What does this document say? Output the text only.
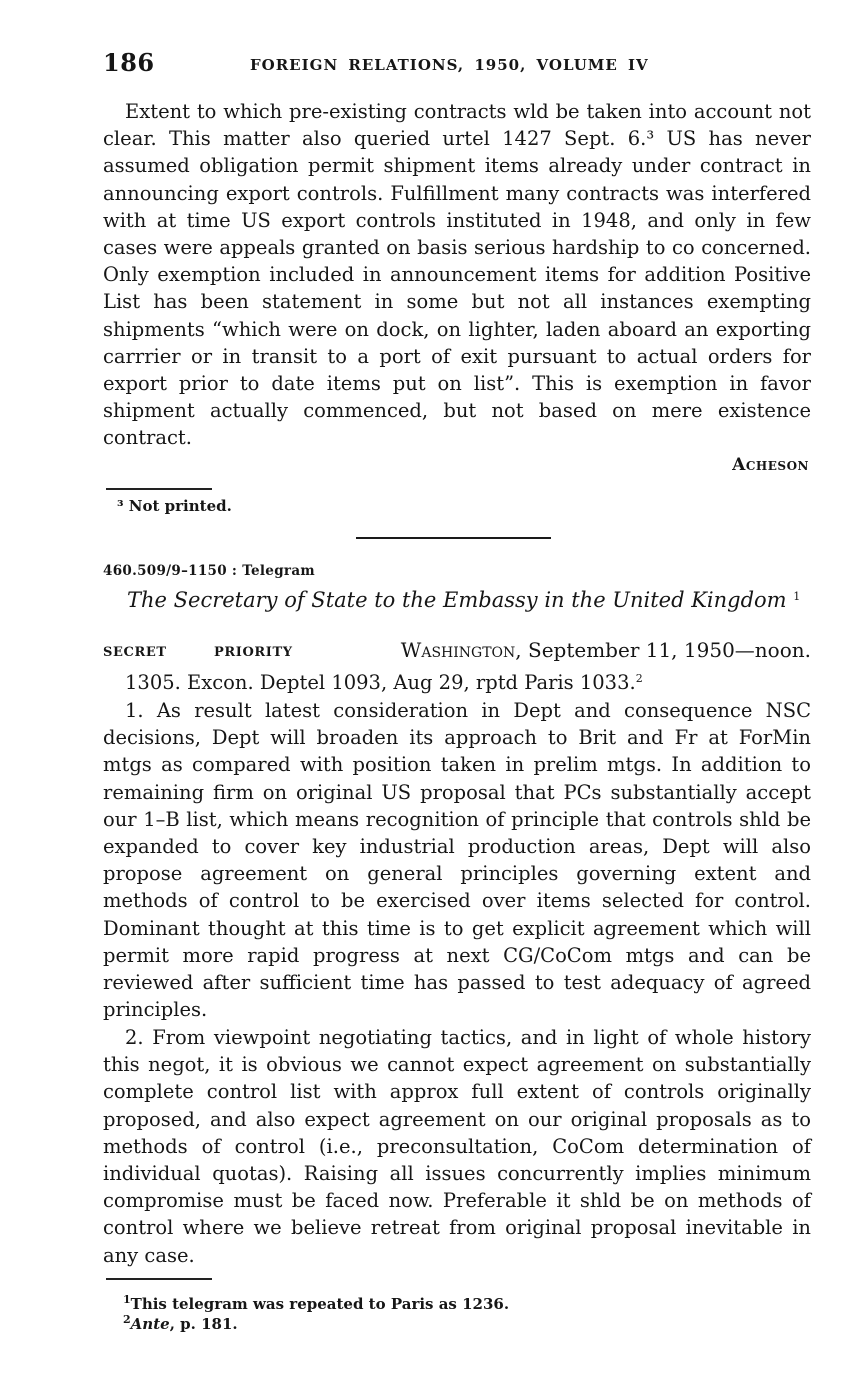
186	FOREIGN RELATIONS, 1950, VOLUME IV
Extent to which pre-existing contracts wld be taken into account not clear. This matter also queried urtel 1427 Sept. 6.³ US has never assumed obligation permit shipment items already under contract in announcing export controls. Fulfillment many contracts was interfered with at time US export controls instituted in 1948, and only in few cases were appeals granted on basis serious hardship to co concerned. Only exemption included in announcement items for addition Positive List has been statement in some but not all instances exempting shipments “which were on dock, on lighter, laden aboard an exporting carrrier or in transit to a port of exit pursuant to actual orders for export prior to date items put on list”. This is exemption in favor shipment actually commenced, but not based on mere existence contract.
Acheson
³ Not printed.
460.509/9–1150 : Telegram
The Secretary of State to the Embassy in the United Kingdom $^1$
SECRET	PRIORITY	Washington, September 11, 1950—noon.
1305. Excon. Deptel 1093, Aug 29, rptd Paris 1033.$^2$
1. As result latest consideration in Dept and consequence NSC decisions, Dept will broaden its approach to Brit and Fr at ForMin mtgs as compared with position taken in prelim mtgs. In addition to remaining firm on original US proposal that PCs substantially accept our 1–B list, which means recognition of principle that controls shld be expanded to cover key industrial production areas, Dept will also propose agreement on general principles governing extent and methods of control to be exercised over items selected for control. Dominant thought at this time is to get explicit agreement which will permit more rapid progress at next CG/CoCom mtgs and can be reviewed after sufficient time has passed to test adequacy of agreed principles.
2. From viewpoint negotiating tactics, and in light of whole history this negot, it is obvious we cannot expect agreement on substantially complete control list with approx full extent of controls originally proposed, and also expect agreement on our original proposals as to methods of control (i.e., preconsultation, CoCom determination of individual quotas). Raising all issues concurrently implies minimum compromise must be faced now. Preferable it shld be on methods of control where we believe retreat from original proposal inevitable in any case.
$^1$This telegram was repeated to Paris as 1236.
$^2$Ante, p. 181.
